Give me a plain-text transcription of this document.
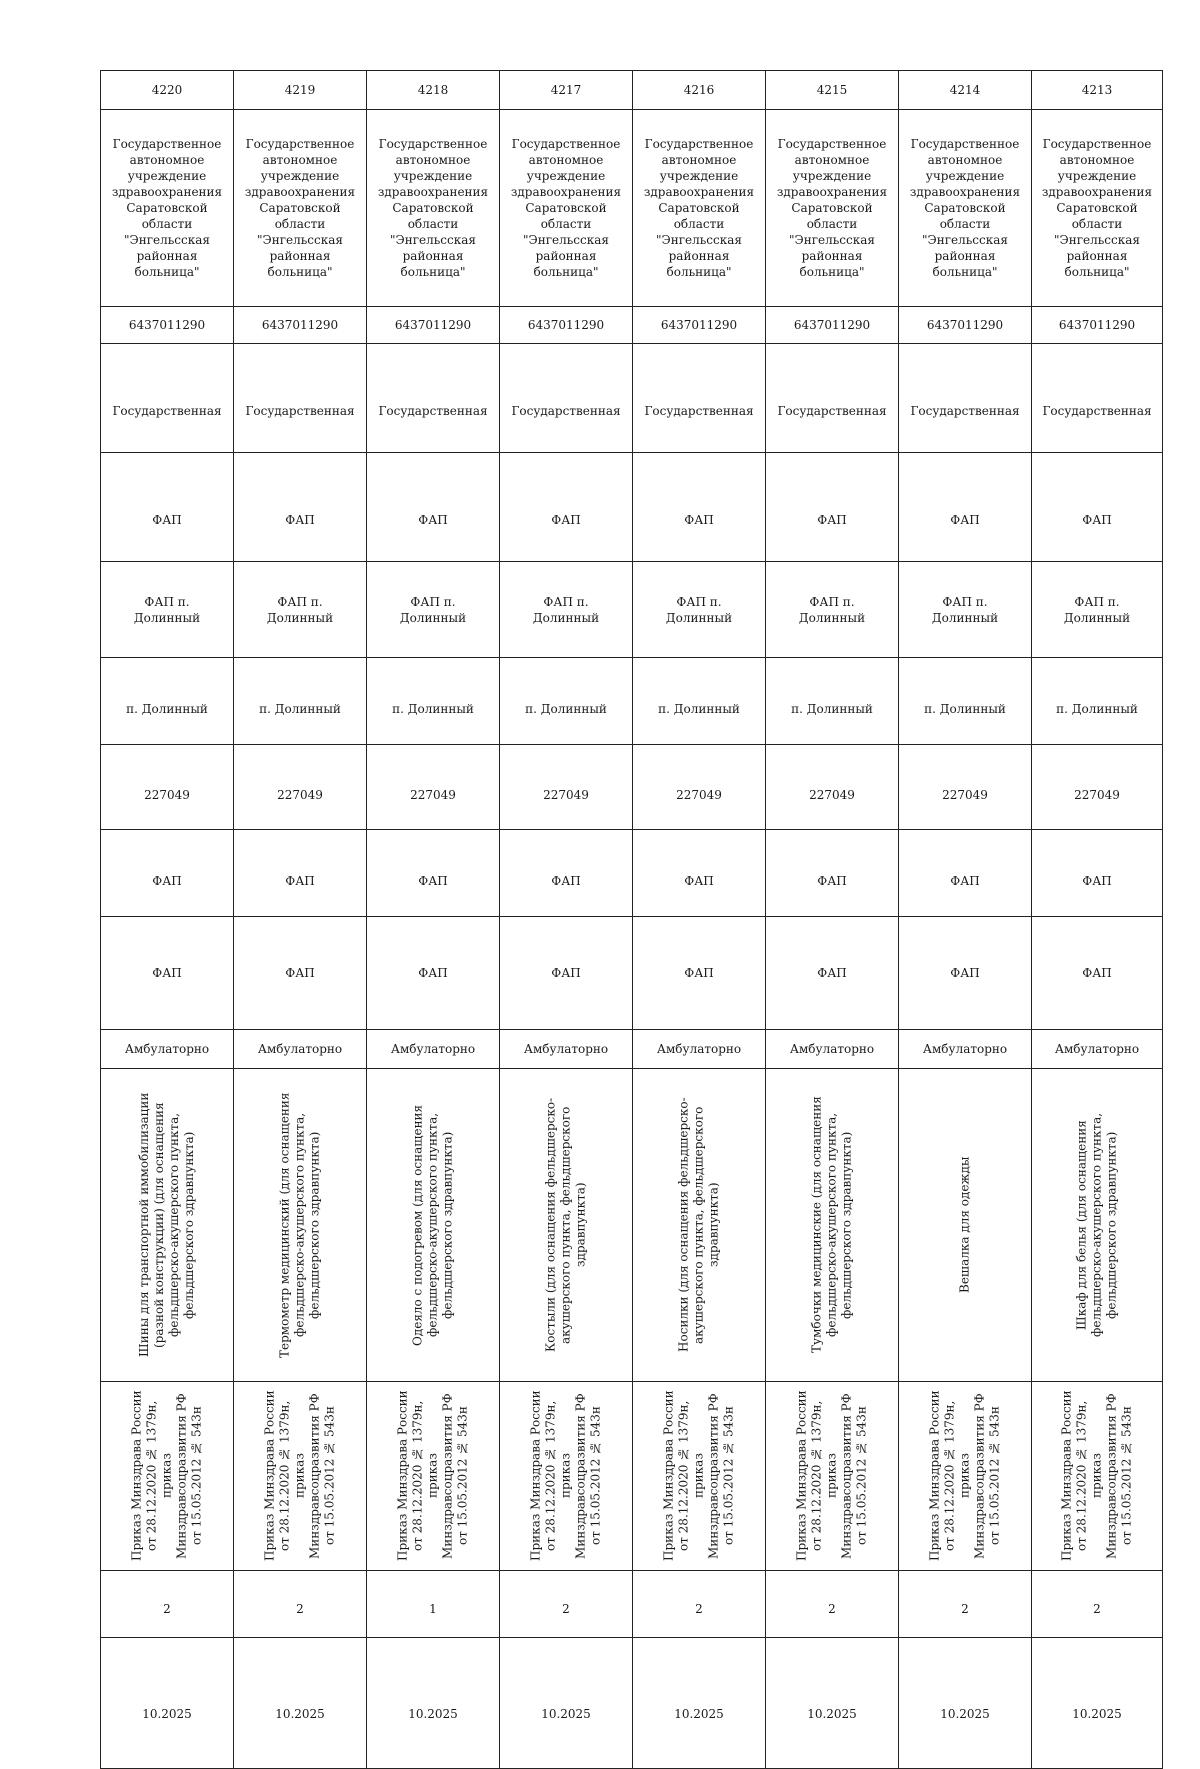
4220	4219	4218	4217	4216	4215	4214	4213
Государственное автономное учреждение здравоохранения Саратовской области "Энгельсская районная больница"	Государственное автономное учреждение здравоохранения Саратовской области "Энгельсская районная больница"	Государственное автономное учреждение здравоохранения Саратовской области "Энгельсская районная больница"	Государственное автономное учреждение здравоохранения Саратовской области "Энгельсская районная больница"	Государственное автономное учреждение здравоохранения Саратовской области "Энгельсская районная больница"	Государственное автономное учреждение здравоохранения Саратовской области "Энгельсская районная больница"	Государственное автономное учреждение здравоохранения Саратовской области "Энгельсская районная больница"	Государственное автономное учреждение здравоохранения Саратовской области "Энгельсская районная больница"
6437011290	6437011290	6437011290	6437011290	6437011290	6437011290	6437011290	6437011290
Государственная	Государственная	Государственная	Государственная	Государственная	Государственная	Государственная	Государственная
ФАП	ФАП	ФАП	ФАП	ФАП	ФАП	ФАП	ФАП
ФАП п. Долинный	ФАП п. Долинный	ФАП п. Долинный	ФАП п. Долинный	ФАП п. Долинный	ФАП п. Долинный	ФАП п. Долинный	ФАП п. Долинный
п. Долинный	п. Долинный	п. Долинный	п. Долинный	п. Долинный	п. Долинный	п. Долинный	п. Долинный
227049	227049	227049	227049	227049	227049	227049	227049
ФАП	ФАП	ФАП	ФАП	ФАП	ФАП	ФАП	ФАП
ФАП	ФАП	ФАП	ФАП	ФАП	ФАП	ФАП	ФАП
Амбулаторно	Амбулаторно	Амбулаторно	Амбулаторно	Амбулаторно	Амбулаторно	Амбулаторно	Амбулаторно

Шины для транспортной иммобилизации (разной конструкции) (для оснащения фельдшерско-акушерского пункта, фельдшерского здравпункта)	Термометр медицинский (для оснащения фельдшерско-акушерского пункта, фельдшерского здравпункта)	Одеяло с подогревом (для оснащения фельдшерско-акушерского пункта, фельдшерского здравпункта)	Костыли (для оснащения фельдшерско-акушерского пункта, фельдшерского здравпункта)	Носилки (для оснащения фельдшерско-акушерского пункта, фельдшерского здравпункта)	Тумбочки медицинские (для оснащения фельдшерско-акушерского пункта, фельдшерского здравпункта)	Вешалка для одежды	Шкаф для белья (для оснащения фельдшерско-акушерского пункта, фельдшерского здравпункта)

Приказ Минздрава России от 28.12.2020 № 1379н, приказ Минздравсоцразвития РФ от 15.05.2012 № 543н	Приказ Минздрава России от 28.12.2020 № 1379н, приказ Минздравсоцразвития РФ от 15.05.2012 № 543н	Приказ Минздрава России от 28.12.2020 № 1379н, приказ Минздравсоцразвития РФ от 15.05.2012 № 543н	Приказ Минздрава России от 28.12.2020 № 1379н, приказ Минздравсоцразвития РФ от 15.05.2012 № 543н	Приказ Минздрава России от 28.12.2020 № 1379н, приказ Минздравсоцразвития РФ от 15.05.2012 № 543н	Приказ Минздрава России от 28.12.2020 № 1379н, приказ Минздравсоцразвития РФ от 15.05.2012 № 543н	Приказ Минздрава России от 28.12.2020 № 1379н, приказ Минздравсоцразвития РФ от 15.05.2012 № 543н	Приказ Минздрава России от 28.12.2020 № 1379н, приказ Минздравсоцразвития РФ от 15.05.2012 № 543н

2	2	1	2	2	2	2	2
10.2025	10.2025	10.2025	10.2025	10.2025	10.2025	10.2025	10.2025
